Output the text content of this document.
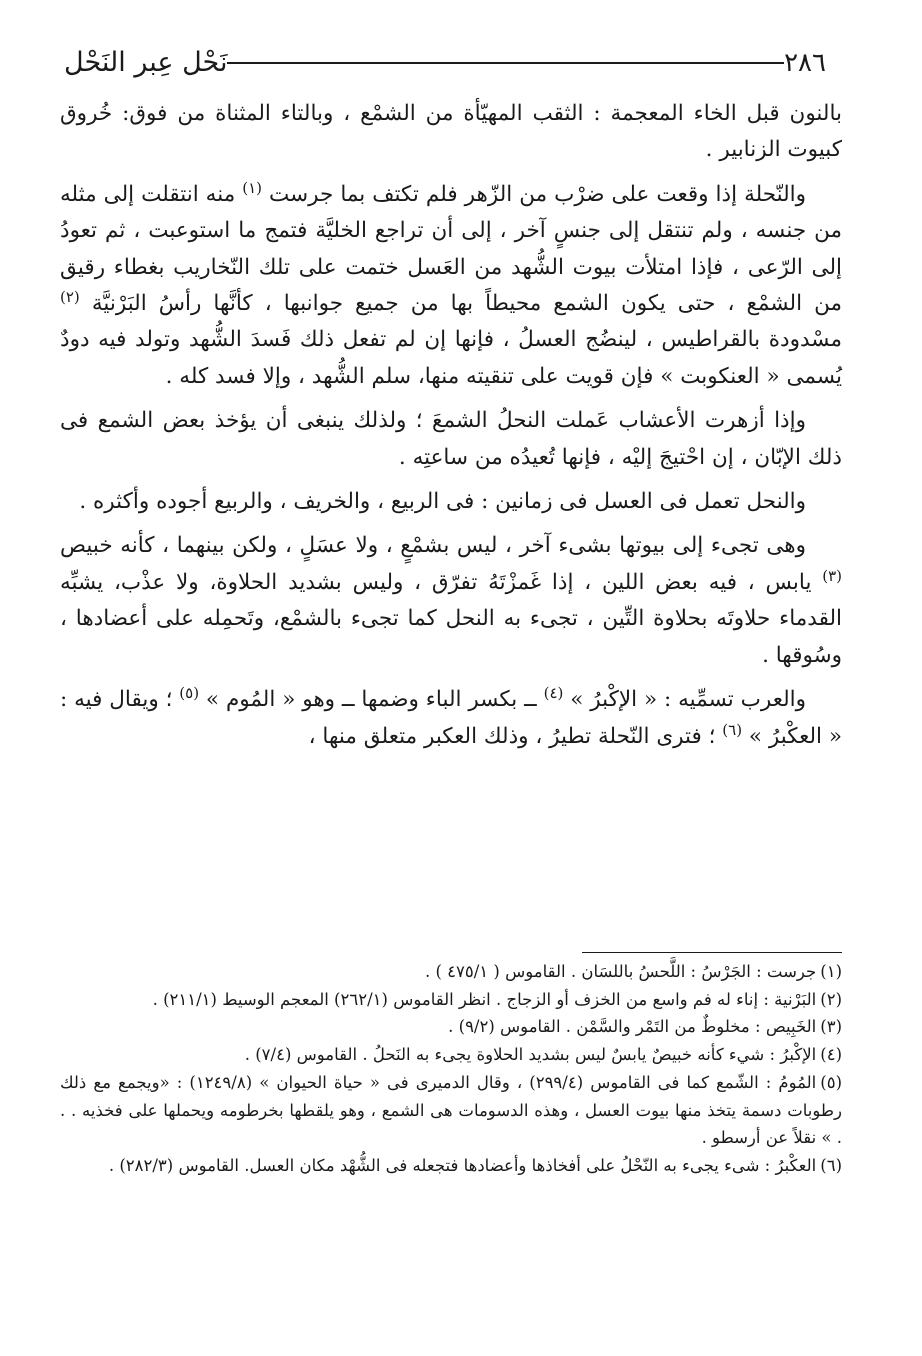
٢٨٦
نَحْل عِبر النَحْل

بالنون قبل الخاء المعجمة : الثقب المهيّأة من الشمْع ، وبالتاء المثناة من فوق: خُروق كبيوت الزنابير .

والنّحلة إذا وقعت على ضرْب من الزّهر فلم تكتف بما جرست $^{(١)}$ منه انتقلت إلى مثله من جنسه ، ولم تنتقل إلى جنسٍ آخر ، إلى أن تراجع الخليَّة فتمج ما استوعبت ، ثم تعودُ إلى الرّعى ، فإذا امتلأت بيوت الشُّهد من العَسل ختمت على تلك النّخاريب بغطاء رقيق من الشمْع ، حتى يكون الشمع محيطاً بها من جميع جوانبها ، كأنَّها رأسُ البَرْنيَّة $^{(٢)}$ مسْدودة بالقراطيس ، لينضُج العسلُ ، فإنها إن لم تفعل ذلك فَسدَ الشُّهد وتولد فيه دودٌ يُسمى « العنكوبت » فإن قويت على تنقيته منها، سلم الشُّهد ، وإلا فسد كله .

وإذا أزهرت الأعشاب عَملت النحلُ الشمعَ ؛ ولذلك ينبغى أن يؤخذ بعض الشمع فى ذلك الإبّان ، إن احْتيجَ إليْه ، فإنها تُعيدُه من ساعتِه .

والنحل تعمل فى العسل فى زمانين : فى الربيع ، والخريف ، والربيع أجوده وأكثره .

وهى تجىء إلى بيوتها بشىء آخر ، ليس بشمْعٍ ، ولا عسَلٍ ، ولكن بينهما ، كأنه خبيص $^{(٣)}$ يابس ، فيه بعض اللين ، إذا غَمزْتَهُ تفرّق ، وليس بشديد الحلاوة، ولا عذْب، يشبِّه القدماء حلاوتَه بحلاوة التِّين ، تجىء به النحل كما تجىء بالشمْع، وتَحمِله على أعضادها ، وسُوقها .

والعرب تسمِّيه : « الإكْبرُ » $^{(٤)}$ ــ بكسر الباء وضمها ــ وهو « المُوم » $^{(٥)}$ ؛ ويقال فيه : « العكْبرُ » $^{(٦)}$ ؛ فترى النّحلة تطيرُ ، وذلك العكبر متعلق منها ،

(١)جرست : الجَرْسُ : اللَّحسُ باللسَان . القاموس ( ٤٧٥/١ ) .

(٢)البَرْنية : إناء له فم واسع من الخزف أو الزجاج . انظر القاموس (٢٦٢/١) المعجم الوسيط (٢١١/١) .

(٣)الخَبِيص : مخلوطٌ من التَمْر والسَّمْن . القاموس (٩/٢) .

(٤)الإكْبرُ : شيء كأنه خبيصٌ يابسٌ ليس بشديد الحلاوة يجىء به النَحلُ . القاموس (٧/٤) .

(٥)المُومُ : الشّمع كما فى القاموس (٢٩٩/٤) ، وقال الدميرى فى « حياة الحيوان » (١٢٤٩/٨) : «ويجمع مع ذلك رطوبات دسمة يتخذ منها بيوت العسل ، وهذه الدسومات هى الشمع ، وهو يلقطها بخرطومه ويحملها على فخذيه . . . » نقلاً عن أرسطو .

(٦)العكْبرُ : شىء يجىء به النّحْلُ على أفخاذها وأعضادها فتجعله فى الشُّهْد مكان العسل. القاموس (٢٨٢/٣) .
